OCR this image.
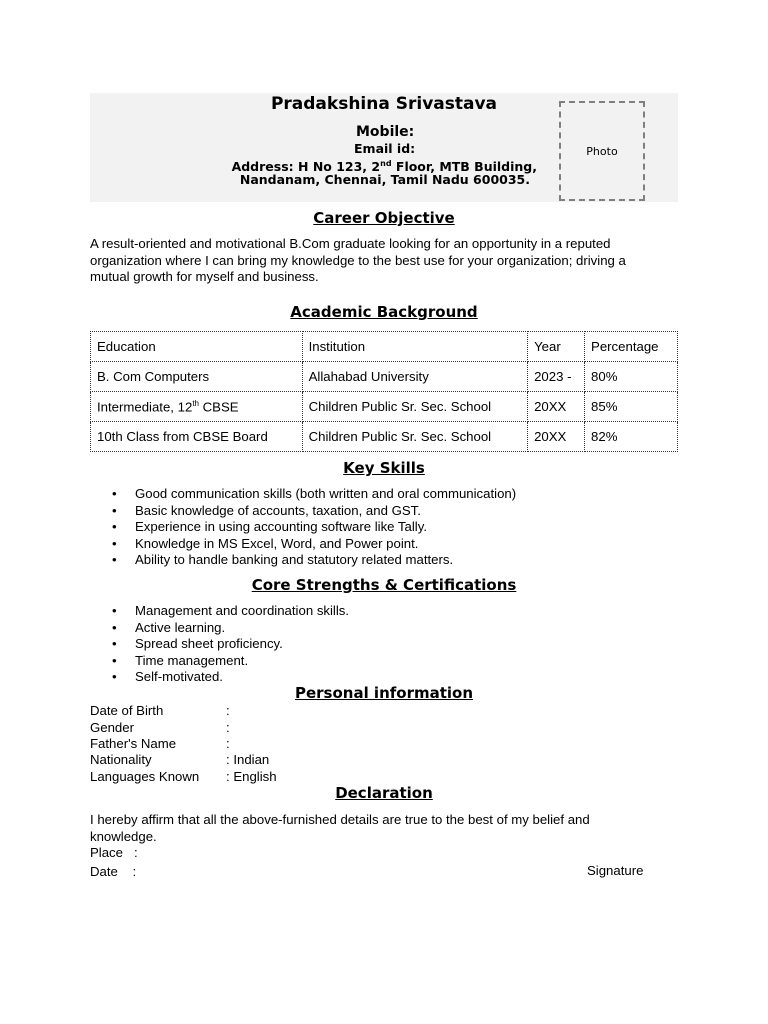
Pradakshina Srivastava
Mobile:
Email id:
Address: H No 123, 2nd Floor, MTB Building,
Nandanam, Chennai, Tamil Nadu 600035.
Photo
Career Objective
A result-oriented and motivational B.Com graduate looking for an opportunity in a reputed
organization where I can bring my knowledge to the best use for your organization; driving a
mutual growth for myself and business.
Academic Background
Education	Institution	Year	Percentage
B. Com Computers	Allahabad University	2023 -	80%
Intermediate, 12th CBSE	Children Public Sr. Sec. School	20XX	85%
10th Class from CBSE Board	Children Public Sr. Sec. School	20XX	82%
Key Skills
• Good communication skills (both written and oral communication)
• Basic knowledge of accounts, taxation, and GST.
• Experience in using accounting software like Tally.
• Knowledge in MS Excel, Word, and Power point.
• Ability to handle banking and statutory related matters.
Core Strengths & Certifications
• Management and coordination skills.
• Active learning.
• Spread sheet proficiency.
• Time management.
• Self-motivated.
Personal information
Date of Birth	:
Gender	:
Father's Name	:
Nationality	: Indian
Languages Known : English
Declaration
I hereby affirm that all the above-furnished details are true to the best of my belief and
knowledge.
Place   :
Date    :	Signature
